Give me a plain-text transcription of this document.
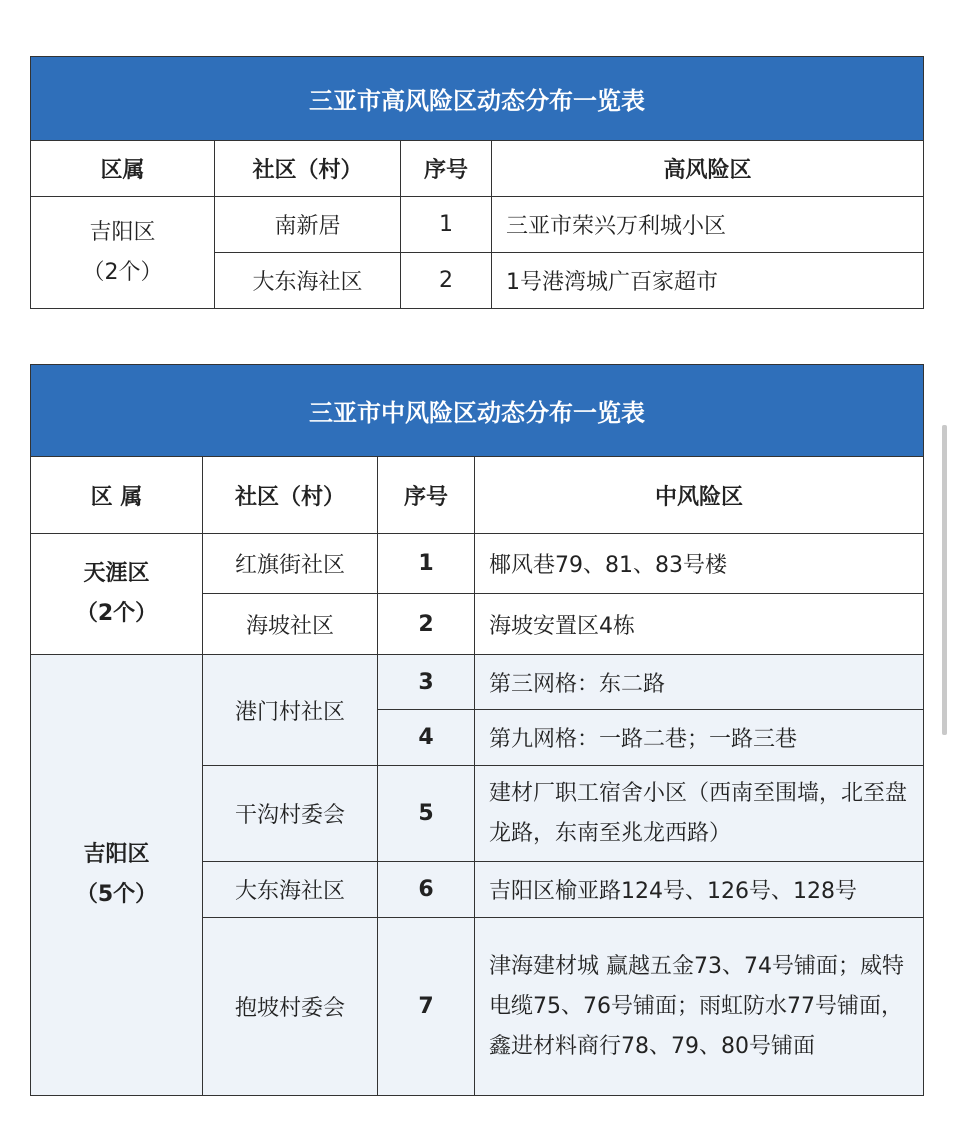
三亚市高风险区动态分布一览表			
区属	社区（村）	序号	高风险区

吉阳区
（2个）	南新居	1	三亚市荣兴万利城小区
	大东海社区	2	1号港湾城广百家超市
三亚市中风险区动态分布一览表			
区 属	社区（村）	序号	中风险区

天涯区
（2个）	红旗街社区	1	椰风巷79、81、83号楼
	海坡社区	2	海坡安置区4栋

吉阳区
（5个）	港门村社区	3	第三网格：东二路
		4	第九网格：一路二巷；一路三巷
	干沟村委会	5	建材厂职工宿舍小区（西南至围墙，北至盘龙路，东南至兆龙西路）
	大东海社区	6	吉阳区榆亚路124号、126号、128号
	抱坡村委会	7	津海建材城 赢越五金73、74号铺面；威特电缆75、76号铺面；雨虹防水77号铺面，鑫进材料商行78、79、80号铺面
